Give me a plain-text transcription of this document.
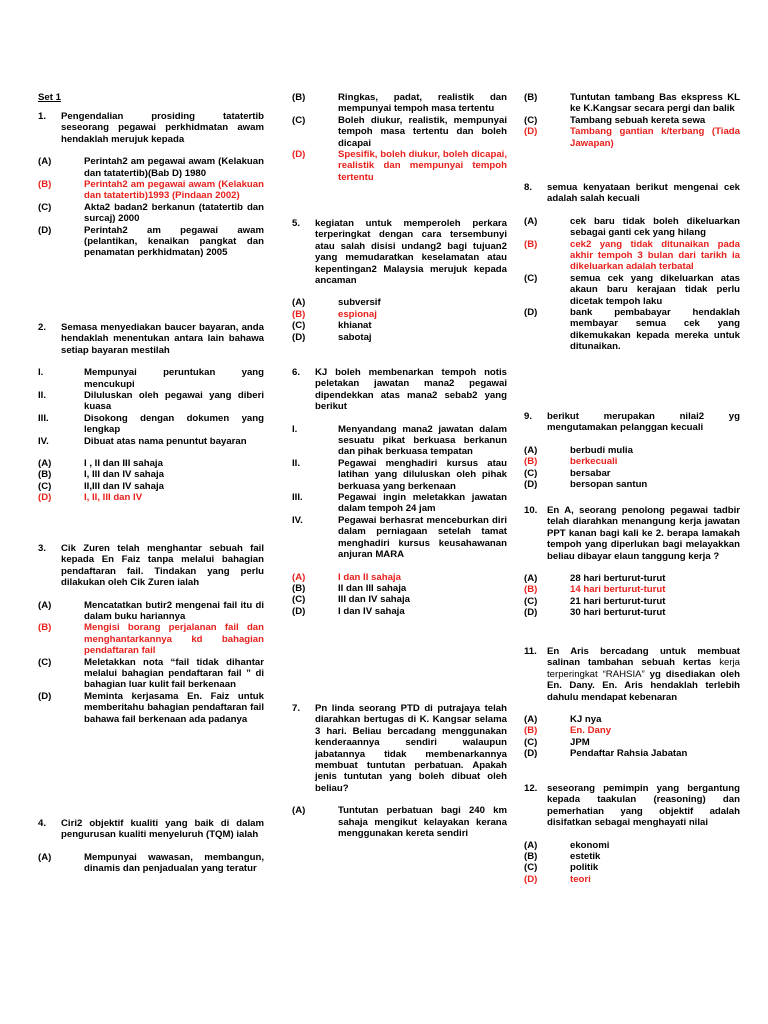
Set 1
1. Pengendalian prosiding tatatertib seseorang pegawai perkhidmatan awam hendaklah merujuk kepada
(A)	Perintah2 am pegawai awam (Kelakuan dan tatatertib)(Bab D) 1980
(B)	Perintah2 am pegawai awam (Kelakuan dan tatatertib)1993 (Pindaan 2002)
(C)	Akta2 badan2 berkanun (tatatertib dan surcaj) 2000
(D)	Perintah2 am pegawai awam (pelantikan, kenaikan pangkat dan penamatan perkhidmatan) 2005
2. Semasa menyediakan baucer bayaran, anda hendaklah menentukan antara lain bahawa setiap bayaran mestilah
I.	Mempunyai peruntukan yang mencukupi
II.	Diluluskan oleh pegawai yang diberi kuasa
III.	Disokong dengan dokumen yang lengkap
IV.	Dibuat atas nama penuntut bayaran
(A)	I , II dan III sahaja
(B)	I, III dan IV sahaja
(C)	II,III dan IV sahaja
(D)	I, II, III dan IV
3. Cik Zuren telah menghantar sebuah fail kepada En Faiz tanpa melalui bahagian pendaftaran fail. Tindakan yang perlu dilakukan oleh Cik Zuren ialah
(A)	Mencatatkan butir2 mengenai fail itu di dalam buku hariannya
(B)	Mengisi borang perjalanan fail dan menghantarkannya kd bahagian pendaftaran fail
(C)	Meletakkan nota “fail tidak dihantar melalui bahagian pendaftaran fail ” di bahagian luar kulit fail berkenaan
(D)	Meminta kerjasama En. Faiz untuk memberitahu bahagian pendaftaran fail bahawa fail berkenaan ada padanya
4. Ciri2 objektif kualiti yang baik di dalam pengurusan kualiti menyeluruh (TQM) ialah
(A)	Mempunyai wawasan, membangun, dinamis dan penjadualan yang teratur
(B)	Ringkas, padat, realistik dan mempunyai tempoh masa tertentu
(C)	Boleh diukur, realistik, mempunyai tempoh masa tertentu dan boleh dicapai
(D)	Spesifik, boleh diukur, boleh dicapai, realistik dan mempunyai tempoh tertentu
5. kegiatan untuk memperoleh perkara terperingkat dengan cara tersembunyi atau salah disisi undang2 bagi tujuan2 yang memudaratkan keselamatan atau kepentingan2 Malaysia merujuk kepada ancaman
(A)	subversif
(B)	espionaj
(C)	khianat
(D)	sabotaj
6. KJ boleh membenarkan tempoh notis peletakan jawatan mana2 pegawai dipendekkan atas mana2 sebab2 yang berikut
I.	Menyandang mana2 jawatan dalam sesuatu pikat berkuasa berkanun dan pihak berkuasa tempatan
II.	Pegawai menghadiri kursus atau latihan yang diluluskan oleh pihak berkuasa yang berkenaan
III.	Pegawai ingin meletakkan jawatan dalam tempoh 24 jam
IV.	Pegawai berhasrat menceburkan diri dalam perniagaan setelah tamat menghadiri kursus keusahawanan anjuran MARA
(A)	I dan II sahaja
(B)	II dan III sahaja
(C)	III dan IV sahaja
(D)	I dan IV sahaja
7. Pn linda seorang PTD di putrajaya telah diarahkan bertugas di K. Kangsar selama 3 hari. Beliau bercadang menggunakan kenderaannya sendiri walaupun jabatannya tidak membenarkannya membuat tuntutan perbatuan. Apakah jenis tuntutan yang boleh dibuat oleh beliau?
(A)	Tuntutan perbatuan bagi 240 km sahaja mengikut kelayakan kerana menggunakan kereta sendiri
(B)	Tuntutan tambang Bas ekspress KL ke K.Kangsar secara pergi dan balik
(C)	Tambang sebuah kereta sewa
(D)	Tambang gantian k/terbang (Tiada Jawapan)
8. semua kenyataan berikut mengenai cek adalah salah kecuali
(A)	cek baru tidak boleh dikeluarkan sebagai ganti cek yang hilang
(B)	cek2 yang tidak ditunaikan pada akhir tempoh 3 bulan dari tarikh ia dikeluarkan adalah terbatal
(C)	semua cek yang dikeluarkan atas akaun baru kerajaan tidak perlu dicetak tempoh laku
(D)	bank pembabayar hendaklah membayar semua cek yang dikemukakan kepada mereka untuk ditunaikan.
9. berikut merupakan nilai2 yg mengutamakan pelanggan kecuali
(A)	berbudi mulia
(B)	berkecuali
(C)	bersabar
(D)	bersopan santun
10. En A, seorang penolong pegawai tadbir telah diarahkan menangung kerja jawatan PPT kanan bagi kali ke 2. berapa lamakah tempoh yang diperlukan bagi melayakkan beliau dibayar elaun tanggung kerja ?
(A)	28 hari berturut-turut
(B)	14 hari berturut-turut
(C)	21 hari berturut-turut
(D)	30 hari berturut-turut
11. En Aris bercadang untuk membuat salinan tambahan sebuah kertas kerja terperingkat “RAHSIA” yg disediakan oleh En. Dany. En. Aris hendaklah terlebih dahulu mendapat kebenaran
(A)	KJ nya
(B)	En. Dany
(C)	JPM
(D)	Pendaftar Rahsia Jabatan
12. seseorang pemimpin yang bergantung kepada taakulan (reasoning) dan pemerhatian yang objektif adalah disifatkan sebagai menghayati nilai
(A)	ekonomi
(B)	estetik
(C)	politik
(D)	teori
